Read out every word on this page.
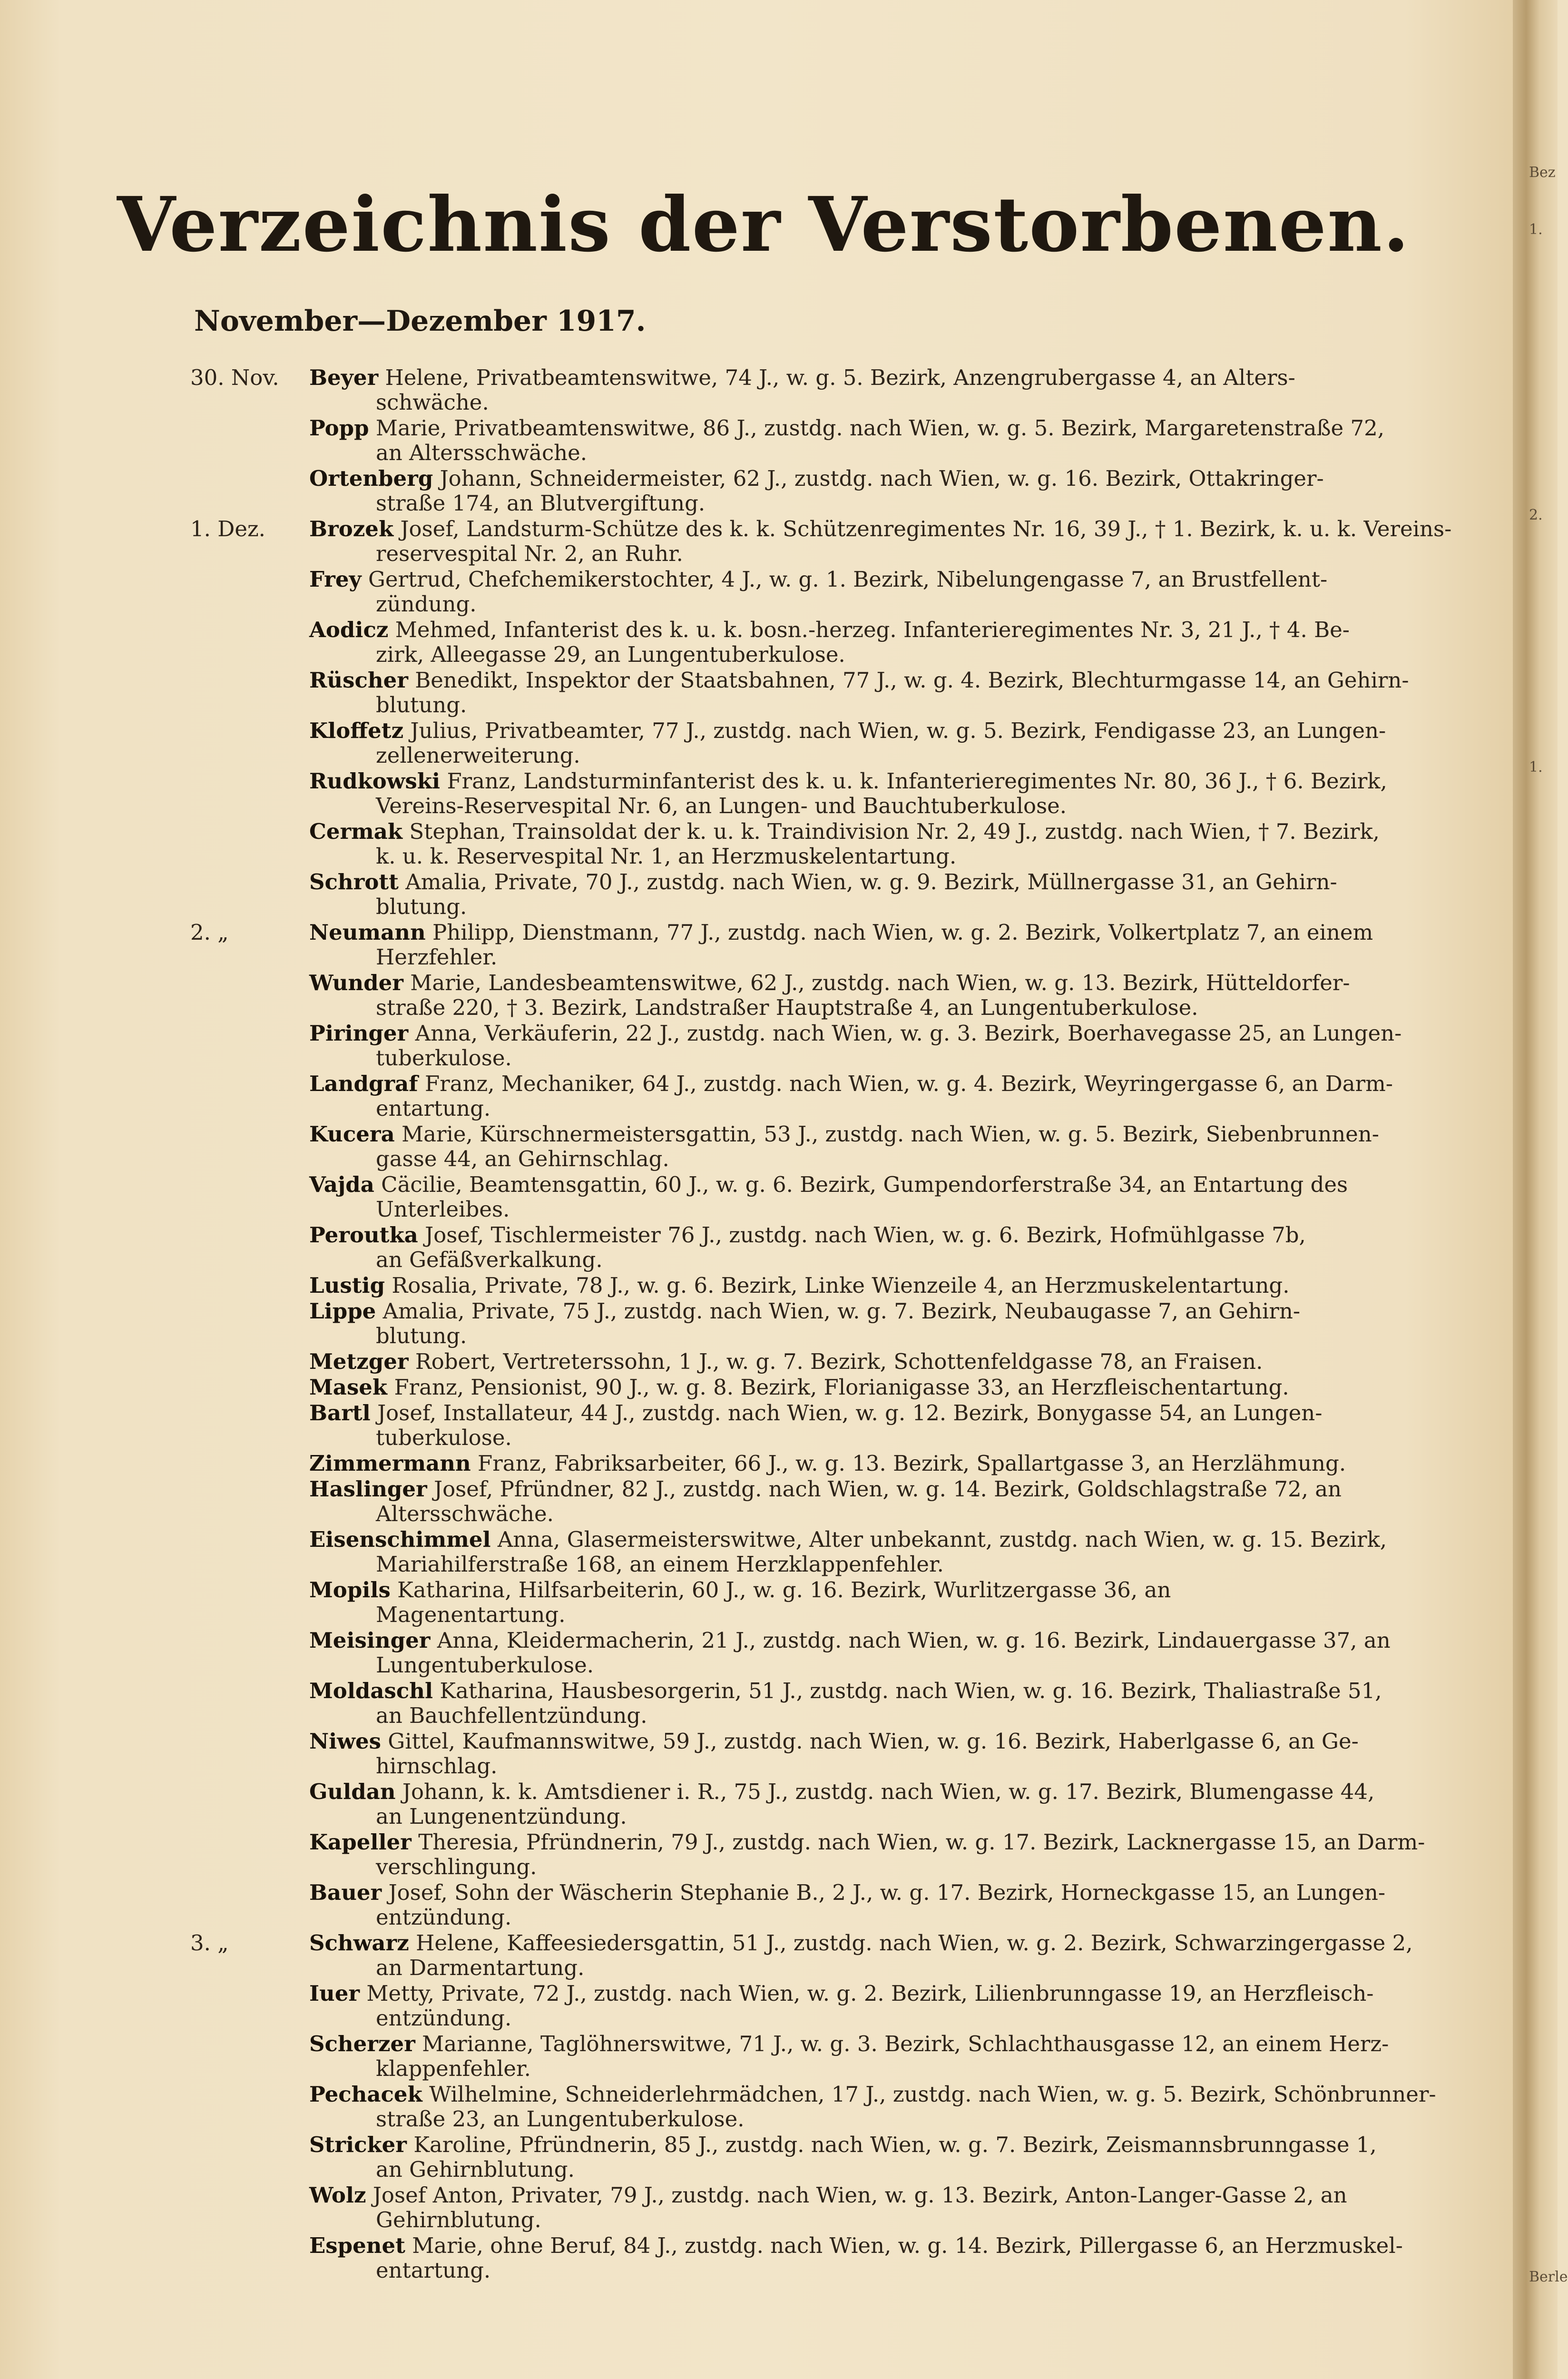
Bez
1.
2.
1.
Berle
Verzeichnis der Verstorbenen.
November—Dezember 1917.
30. Nov.	Beyer Helene, Privatbeamtenswitwe, 74 J., w. g. 5. Bezirk, Anzengrubergasse 4, an Alters-
schwäche.
Popp Marie, Privatbeamtenswitwe, 86 J., zustdg. nach Wien, w. g. 5. Bezirk, Margaretenstraße 72,
an Altersschwäche.
Ortenberg Johann, Schneidermeister, 62 J., zustdg. nach Wien, w. g. 16. Bezirk, Ottakringer-
straße 174, an Blutvergiftung.
1. Dez.	Brozek Josef, Landsturm-Schütze des k. k. Schützenregimentes Nr. 16, 39 J., † 1. Bezirk, k. u. k. Vereins-
reservespital Nr. 2, an Ruhr.
Frey Gertrud, Chefchemikerstochter, 4 J., w. g. 1. Bezirk, Nibelungengasse 7, an Brustfellent-
zündung.
Aodicz Mehmed, Infanterist des k. u. k. bosn.-herzeg. Infanterieregimentes Nr. 3, 21 J., † 4. Be-
zirk, Alleegasse 29, an Lungentuberkulose.
Rüscher Benedikt, Inspektor der Staatsbahnen, 77 J., w. g. 4. Bezirk, Blechturmgasse 14, an Gehirn-
blutung.
Kloffetz Julius, Privatbeamter, 77 J., zustdg. nach Wien, w. g. 5. Bezirk, Fendigasse 23, an Lungen-
zellenerweiterung.
Rudkowski Franz, Landsturminfanterist des k. u. k. Infanterieregimentes Nr. 80, 36 J., † 6. Bezirk,
Vereins-Reservespital Nr. 6, an Lungen- und Bauchtuberkulose.
Cermak Stephan, Trainsoldat der k. u. k. Traindivision Nr. 2, 49 J., zustdg. nach Wien, † 7. Bezirk,
k. u. k. Reservespital Nr. 1, an Herzmuskelentartung.
Schrott Amalia, Private, 70 J., zustdg. nach Wien, w. g. 9. Bezirk, Müllnergasse 31, an Gehirn-
blutung.
2. „	Neumann Philipp, Dienstmann, 77 J., zustdg. nach Wien, w. g. 2. Bezirk, Volkertplatz 7, an einem
Herzfehler.
Wunder Marie, Landesbeamtenswitwe, 62 J., zustdg. nach Wien, w. g. 13. Bezirk, Hütteldorfer-
straße 220, † 3. Bezirk, Landstraßer Hauptstraße 4, an Lungentuberkulose.
Piringer Anna, Verkäuferin, 22 J., zustdg. nach Wien, w. g. 3. Bezirk, Boerhavegasse 25, an Lungen-
tuberkulose.
Landgraf Franz, Mechaniker, 64 J., zustdg. nach Wien, w. g. 4. Bezirk, Weyringergasse 6, an Darm-
entartung.
Kucera Marie, Kürschnermeistersgattin, 53 J., zustdg. nach Wien, w. g. 5. Bezirk, Siebenbrunnen-
gasse 44, an Gehirnschlag.
Vajda Cäcilie, Beamtensgattin, 60 J., w. g. 6. Bezirk, Gumpendorferstraße 34, an Entartung des
Unterleibes.
Peroutka Josef, Tischlermeister 76 J., zustdg. nach Wien, w. g. 6. Bezirk, Hofmühlgasse 7b,
an Gefäßverkalkung.
Lustig Rosalia, Private, 78 J., w. g. 6. Bezirk, Linke Wienzeile 4, an Herzmuskelentartung.
Lippe Amalia, Private, 75 J., zustdg. nach Wien, w. g. 7. Bezirk, Neubaugasse 7, an Gehirn-
blutung.
Metzger Robert, Vertreterssohn, 1 J., w. g. 7. Bezirk, Schottenfeldgasse 78, an Fraisen.
Masek Franz, Pensionist, 90 J., w. g. 8. Bezirk, Florianigasse 33, an Herzfleischentartung.
Bartl Josef, Installateur, 44 J., zustdg. nach Wien, w. g. 12. Bezirk, Bonygasse 54, an Lungen-
tuberkulose.
Zimmermann Franz, Fabriksarbeiter, 66 J., w. g. 13. Bezirk, Spallartgasse 3, an Herzlähmung.
Haslinger Josef, Pfründner, 82 J., zustdg. nach Wien, w. g. 14. Bezirk, Goldschlagstraße 72, an
Altersschwäche.
Eisenschimmel Anna, Glasermeisterswitwe, Alter unbekannt, zustdg. nach Wien, w. g. 15. Bezirk,
Mariahilferstraße 168, an einem Herzklappenfehler.
Mopils Katharina, Hilfsarbeiterin, 60 J., w. g. 16. Bezirk, Wurlitzergasse 36, an
Magenentartung.
Meisinger Anna, Kleidermacherin, 21 J., zustdg. nach Wien, w. g. 16. Bezirk, Lindauergasse 37, an
Lungentuberkulose.
Moldaschl Katharina, Hausbesorgerin, 51 J., zustdg. nach Wien, w. g. 16. Bezirk, Thaliastraße 51,
an Bauchfellentzündung.
Niwes Gittel, Kaufmannswitwe, 59 J., zustdg. nach Wien, w. g. 16. Bezirk, Haberlgasse 6, an Ge-
hirnschlag.
Guldan Johann, k. k. Amtsdiener i. R., 75 J., zustdg. nach Wien, w. g. 17. Bezirk, Blumengasse 44,
an Lungenentzündung.
Kapeller Theresia, Pfründnerin, 79 J., zustdg. nach Wien, w. g. 17. Bezirk, Lacknergasse 15, an Darm-
verschlingung.
Bauer Josef, Sohn der Wäscherin Stephanie B., 2 J., w. g. 17. Bezirk, Horneckgasse 15, an Lungen-
entzündung.
3. „	Schwarz Helene, Kaffeesiedersgattin, 51 J., zustdg. nach Wien, w. g. 2. Bezirk, Schwarzingergasse 2,
an Darmentartung.
Iuer Metty, Private, 72 J., zustdg. nach Wien, w. g. 2. Bezirk, Lilienbrunngasse 19, an Herzfleisch-
entzündung.
Scherzer Marianne, Taglöhnerswitwe, 71 J., w. g. 3. Bezirk, Schlachthausgasse 12, an einem Herz-
klappenfehler.
Pechacek Wilhelmine, Schneiderlehrmädchen, 17 J., zustdg. nach Wien, w. g. 5. Bezirk, Schönbrunner-
straße 23, an Lungentuberkulose.
Stricker Karoline, Pfründnerin, 85 J., zustdg. nach Wien, w. g. 7. Bezirk, Zeismannsbrunngasse 1,
an Gehirnblutung.
Wolz Josef Anton, Privater, 79 J., zustdg. nach Wien, w. g. 13. Bezirk, Anton-Langer-Gasse 2, an
Gehirnblutung.
Espenet Marie, ohne Beruf, 84 J., zustdg. nach Wien, w. g. 14. Bezirk, Pillergasse 6, an Herzmuskel-
entartung.
